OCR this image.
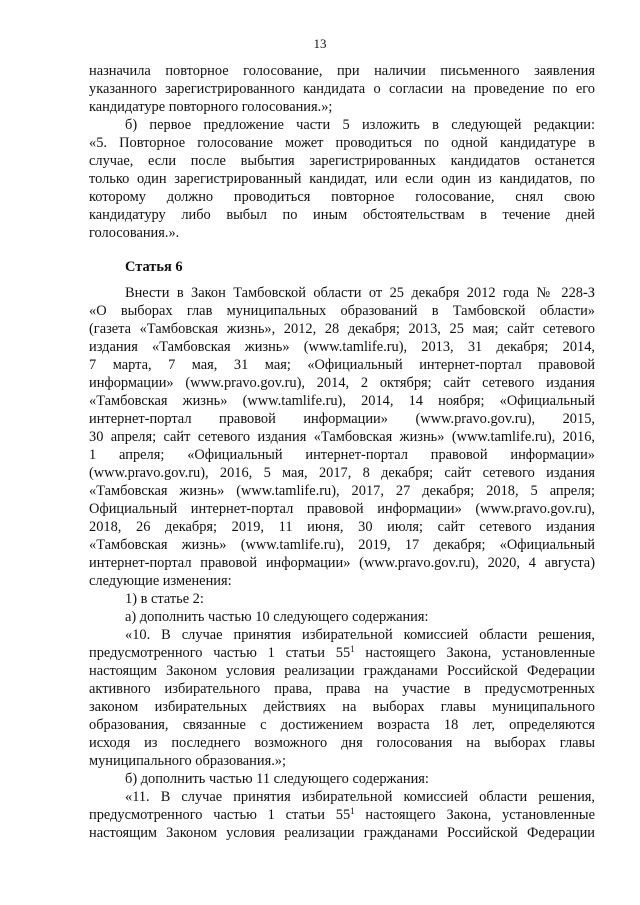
13
назначила повторное голосование, при наличии письменного заявления
указанного зарегистрированного кандидата о согласии на проведение по его
кандидатуре повторного голосования.»;
б) первое предложение части 5 изложить в следующей редакции:
«5. Повторное голосование может проводиться по одной кандидатуре в
случае, если после выбытия зарегистрированных кандидатов останется
только один зарегистрированный кандидат, или если один из кандидатов, по
которому должно проводиться повторное голосование, снял свою
кандидатуру либо выбыл по иным обстоятельствам в течение дней
голосования.».
Статья 6
Внести в Закон Тамбовской области от 25 декабря 2012 года № 228-З
«О выборах глав муниципальных образований в Тамбовской области»
(газета «Тамбовская жизнь», 2012, 28 декабря; 2013, 25 мая; сайт сетевого
издания «Тамбовская жизнь» (www.tamlife.ru), 2013, 31 декабря; 2014,
7 марта, 7 мая, 31 мая; «Официальный интернет-портал правовой
информации» (www.pravo.gov.ru), 2014, 2 октября; сайт сетевого издания
«Тамбовская жизнь» (www.tamlife.ru), 2014, 14 ноября; «Официальный
интернет-портал правовой информации» (www.pravo.gov.ru), 2015,
30 апреля; сайт сетевого издания «Тамбовская жизнь» (www.tamlife.ru), 2016,
1 апреля; «Официальный интернет-портал правовой информации»
(www.pravo.gov.ru), 2016, 5 мая, 2017, 8 декабря; сайт сетевого издания
«Тамбовская жизнь» (www.tamlife.ru), 2017, 27 декабря; 2018, 5 апреля;
Официальный интернет-портал правовой информации» (www.pravo.gov.ru),
2018, 26 декабря; 2019, 11 июня, 30 июля; сайт сетевого издания
«Тамбовская жизнь» (www.tamlife.ru), 2019, 17 декабря; «Официальный
интернет-портал правовой информации» (www.pravo.gov.ru), 2020, 4 августа)
следующие изменения:
1) в статье 2:
а) дополнить частью 10 следующего содержания:
«10. В случае принятия избирательной комиссией области решения,
предусмотренного частью 1 статьи $55^1$ настоящего Закона, установленные
настоящим Законом условия реализации гражданами Российской Федерации
активного избирательного права, права на участие в предусмотренных
законом избирательных действиях на выборах главы муниципального
образования, связанные с достижением возраста 18 лет, определяются
исходя из последнего возможного дня голосования на выборах главы
муниципального образования.»;
б) дополнить частью 11 следующего содержания:
«11. В случае принятия избирательной комиссией области решения,
предусмотренного частью 1 статьи $55^1$ настоящего Закона, установленные
настоящим Законом условия реализации гражданами Российской Федерации
